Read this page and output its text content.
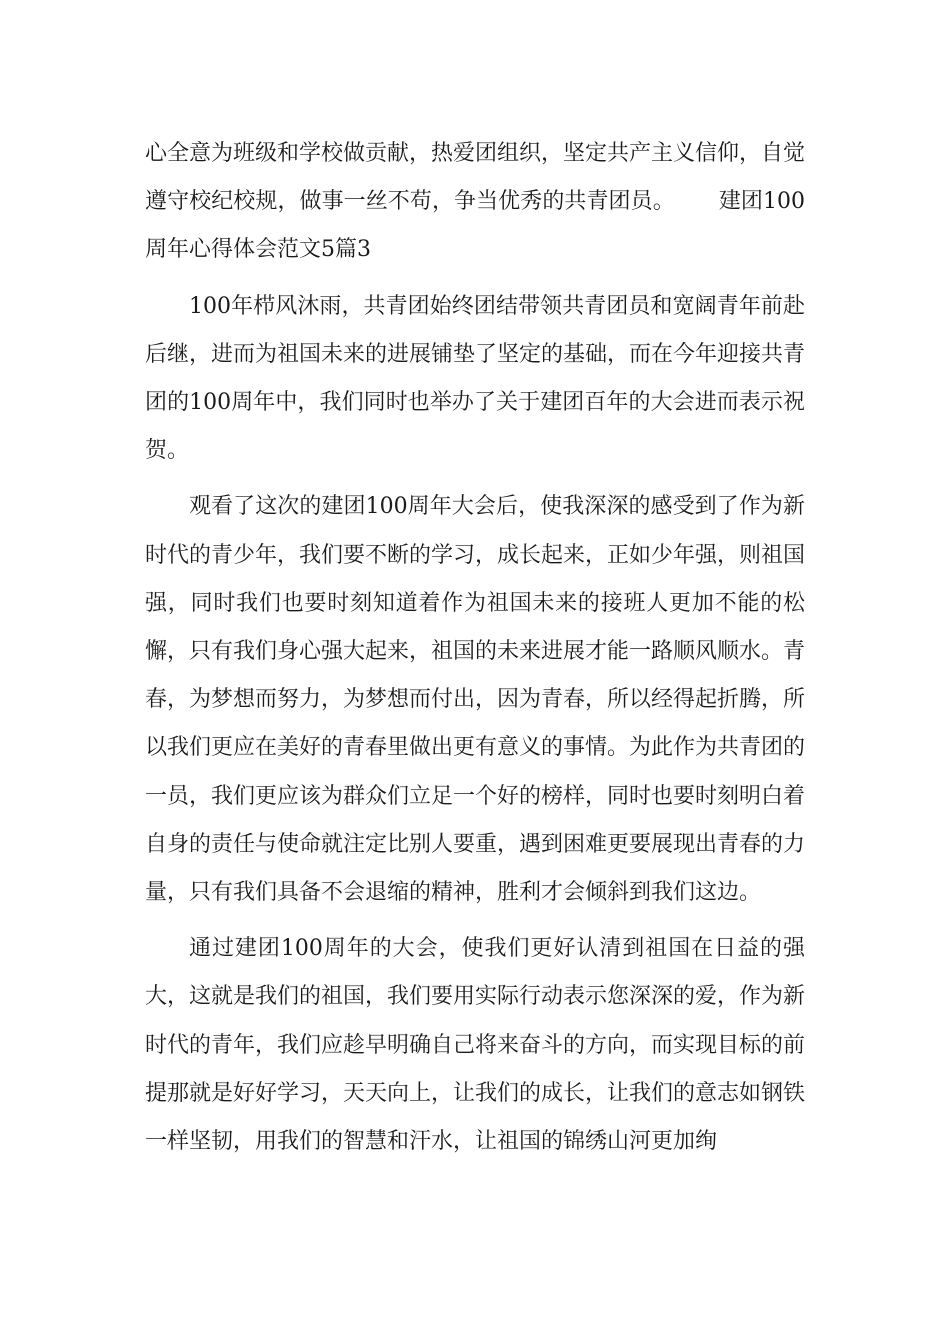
心全意为班级和学校做贡献，热爱团组织，坚定共产主义信仰，自觉遵守校纪校规，做事一丝不苟，争当优秀的共青团员。 建团100周年心得体会范文5篇3

100年栉风沐雨，共青团始终团结带领共青团员和宽阔青年前赴后继，进而为祖国未来的进展铺垫了坚定的基础，而在今年迎接共青团的100周年中，我们同时也举办了关于建团百年的大会进而表示祝贺。

观看了这次的建团100周年大会后，使我深深的感受到了作为新时代的青少年，我们要不断的学习，成长起来，正如少年强，则祖国强，同时我们也要时刻知道着作为祖国未来的接班人更加不能的松懈，只有我们身心强大起来，祖国的未来进展才能一路顺风顺水。青春，为梦想而努力，为梦想而付出，因为青春，所以经得起折腾，所以我们更应在美好的青春里做出更有意义的事情。为此作为共青团的一员，我们更应该为群众们立足一个好的榜样，同时也要时刻明白着自身的责任与使命就注定比别人要重，遇到困难更要展现出青春的力量，只有我们具备不会退缩的精神，胜利才会倾斜到我们这边。

通过建团100周年的大会，使我们更好认清到祖国在日益的强大，这就是我们的祖国，我们要用实际行动表示您深深的爱，作为新时代的青年，我们应趁早明确自己将来奋斗的方向，而实现目标的前提那就是好好学习，天天向上，让我们的成长，让我们的意志如钢铁一样坚韧，用我们的智慧和汗水，让祖国的锦绣山河更加绚
